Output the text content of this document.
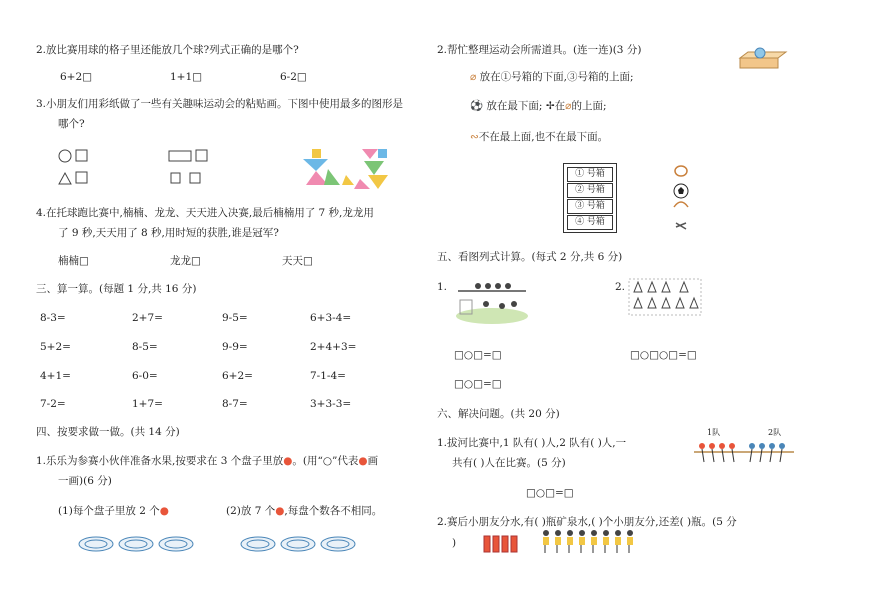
2.放比赛用球的格子里还能放几个球?列式正确的是哪个?
6+2□	1+1□	6-2□
3.小朋友们用彩纸做了一些有关趣味运动会的粘贴画。下图中使用最多的图形是
哪个?
4.在托球跑比赛中,楠楠、龙龙、天天进入决赛,最后楠楠用了 7 秒,龙龙用
了 9 秒,天天用了 8 秒,用时短的获胜,谁是冠军?
楠楠□	龙龙□	天天□
三、算一算。(每题 1 分,共 16 分)
8-3=	2+7=	9-5=	6+3-4=
5+2=	8-5=	9-9=	2+4+3=
4+1=	6-0=	6+2=	7-1-4=
7-2=	1+7=	8-7=	3+3-3=
四、按要求做一做。(共 14 分)
1.乐乐为参赛小伙伴准备水果,按要求在 3 个盘子里放●。(用“○”代表●画
一画)(6 分)
(1)每个盘子里放 2 个●	(2)放 7 个●,每盘个数各不相同。
2.帮忙整理运动会所需道具。(连一连)(3 分)
⌀ 放在①号箱的下面,③号箱的上面;
⚽ 放在最下面; ✢在⌀的上面;
∾不在最上面,也不在最下面。
① 号箱
② 号箱
③ 号箱
④ 号箱
五、看图列式计算。(每式 2 分,共 6 分)
1.	2.
□○□=□	□○□○□=□
□○□=□
六、解决问题。(共 20 分)
1.拔河比赛中,1 队有( )人,2 队有( )人,一
共有( )人在比赛。(5 分)
1队	2队
□○□=□
2.赛后小朋友分水,有( )瓶矿泉水,( )个小朋友分,还差( )瓶。(5 分
)
